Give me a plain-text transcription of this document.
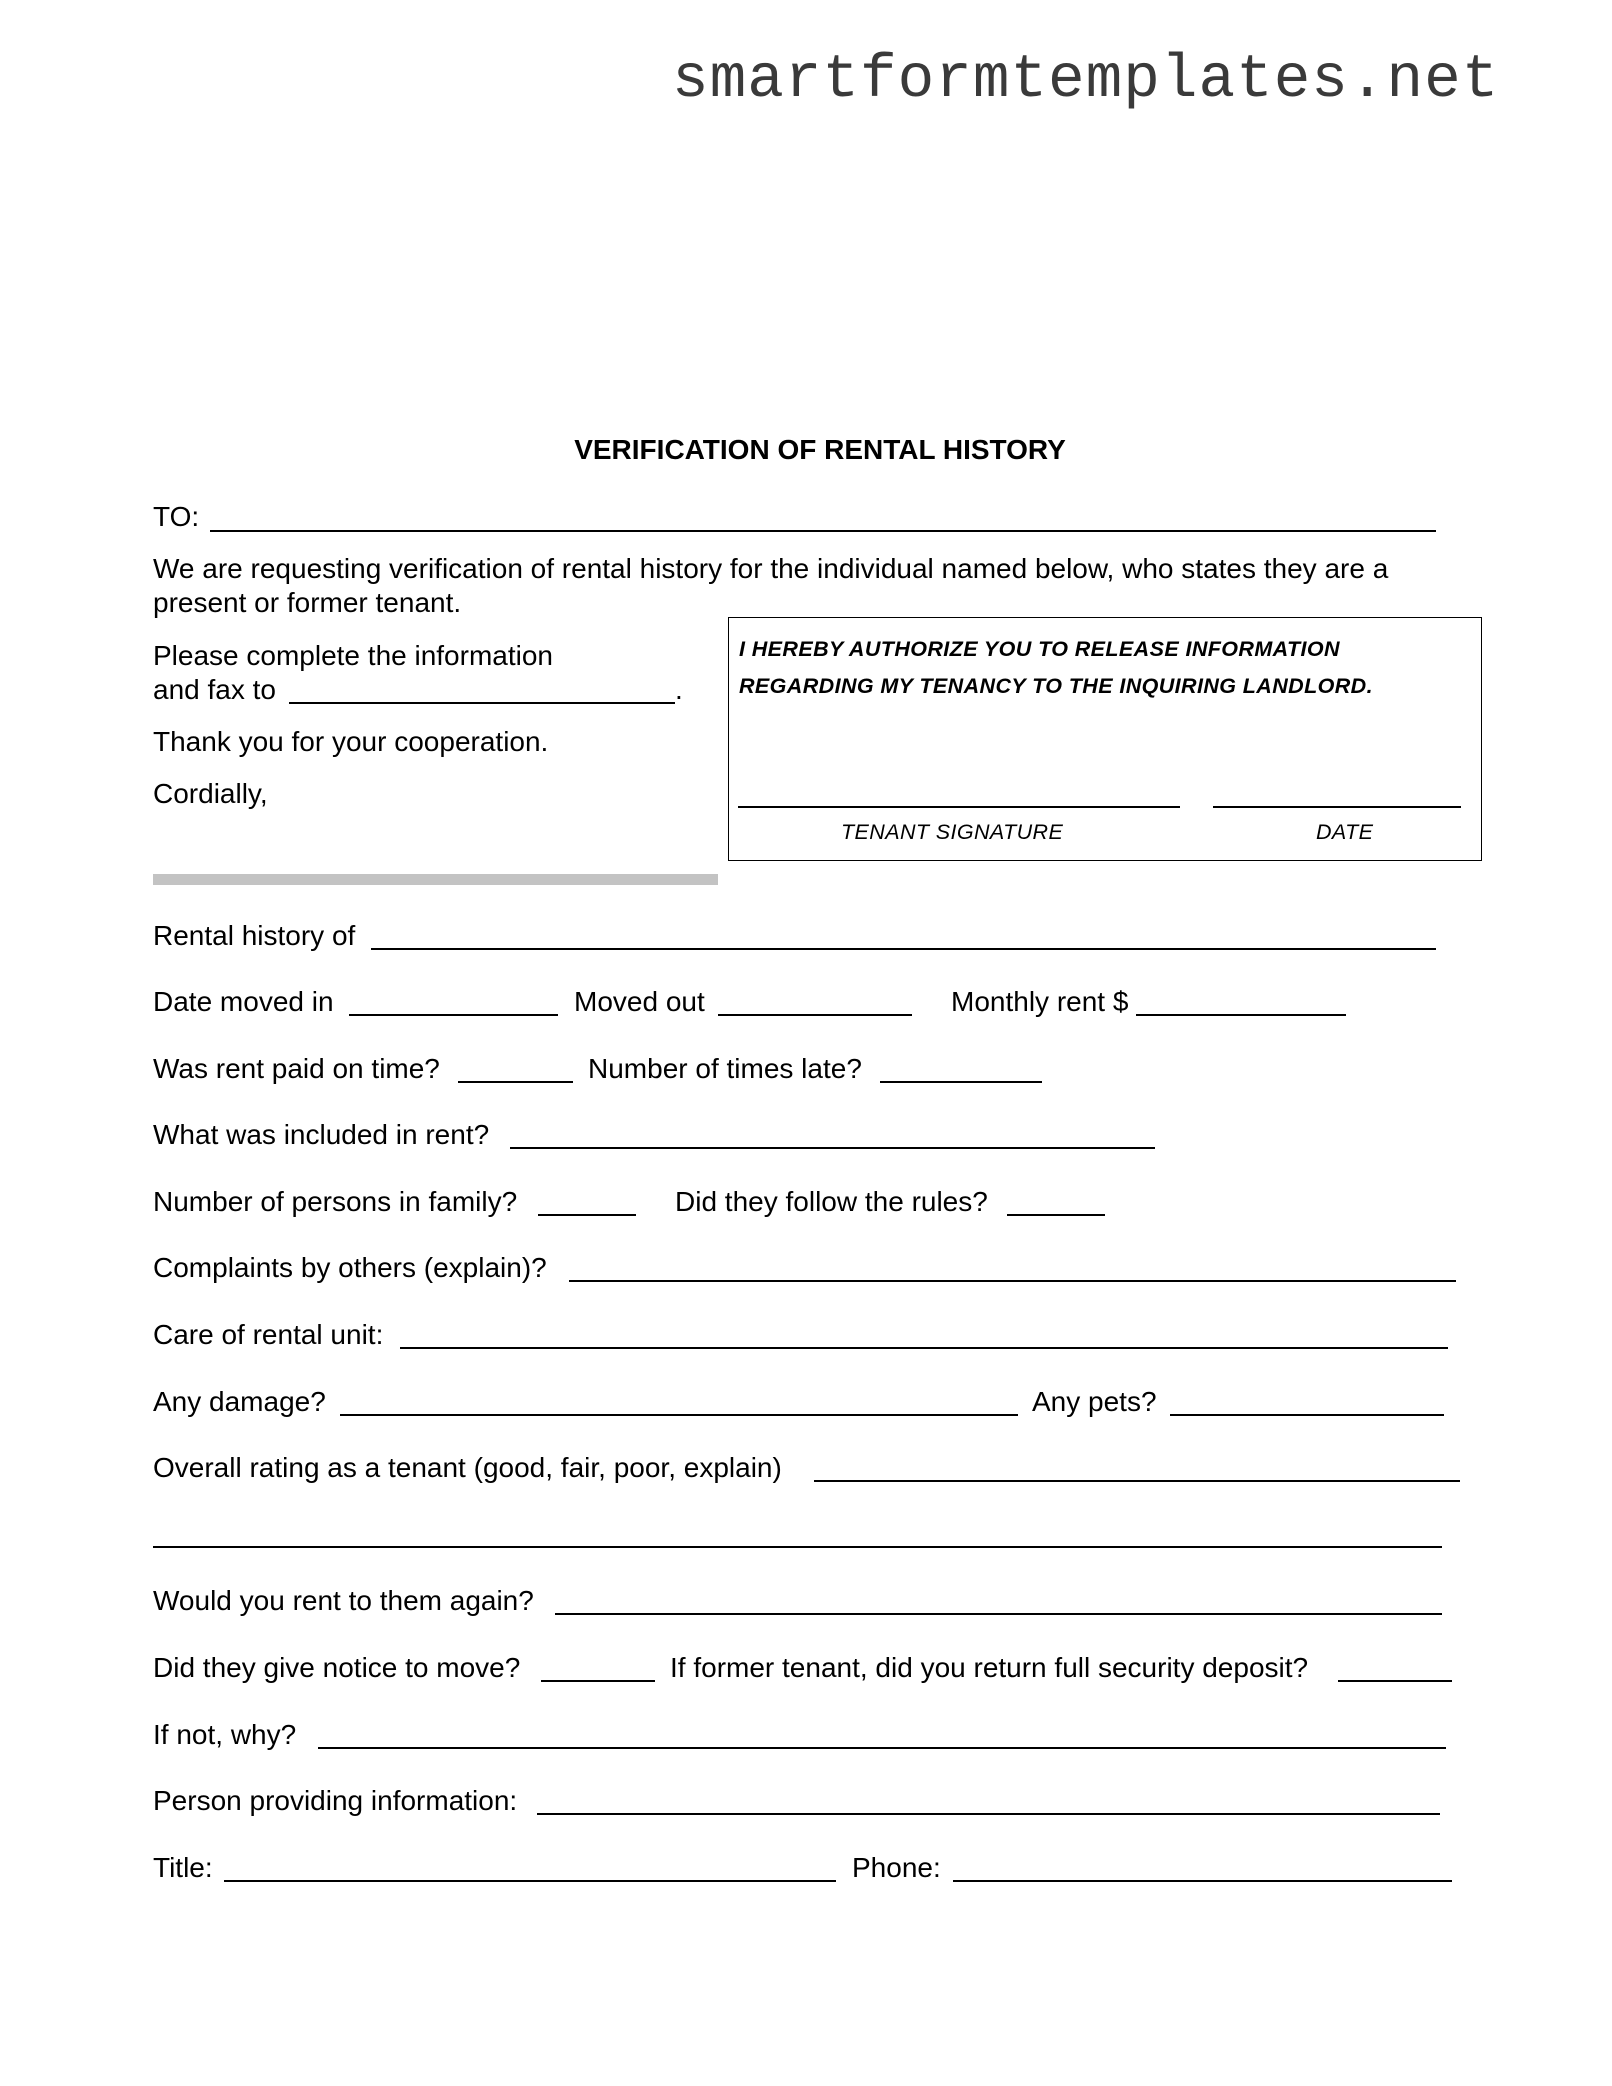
smartformtemplates.net
VERIFICATION OF RENTAL HISTORY
TO:
We are requesting verification of rental history for the individual named below, who states they are a
present or former tenant.
Please complete the information
and fax to	.
Thank you for your cooperation.
Cordially,
I HEREBY AUTHORIZE YOU TO RELEASE INFORMATION
REGARDING MY TENANCY TO THE INQUIRING LANDLORD.
TENANT SIGNATURE	DATE
Rental history of
Date moved in	Moved out	Monthly rent $
Was rent paid on time?	Number of times late?
What was included in rent?
Number of persons in family?	Did they follow the rules?
Complaints by others (explain)?
Care of rental unit:
Any damage?	Any pets?
Overall rating as a tenant (good, fair, poor, explain)
Would you rent to them again?
Did they give notice to move?	If former tenant, did you return full security deposit?
If not, why?
Person providing information:
Title:	Phone:
